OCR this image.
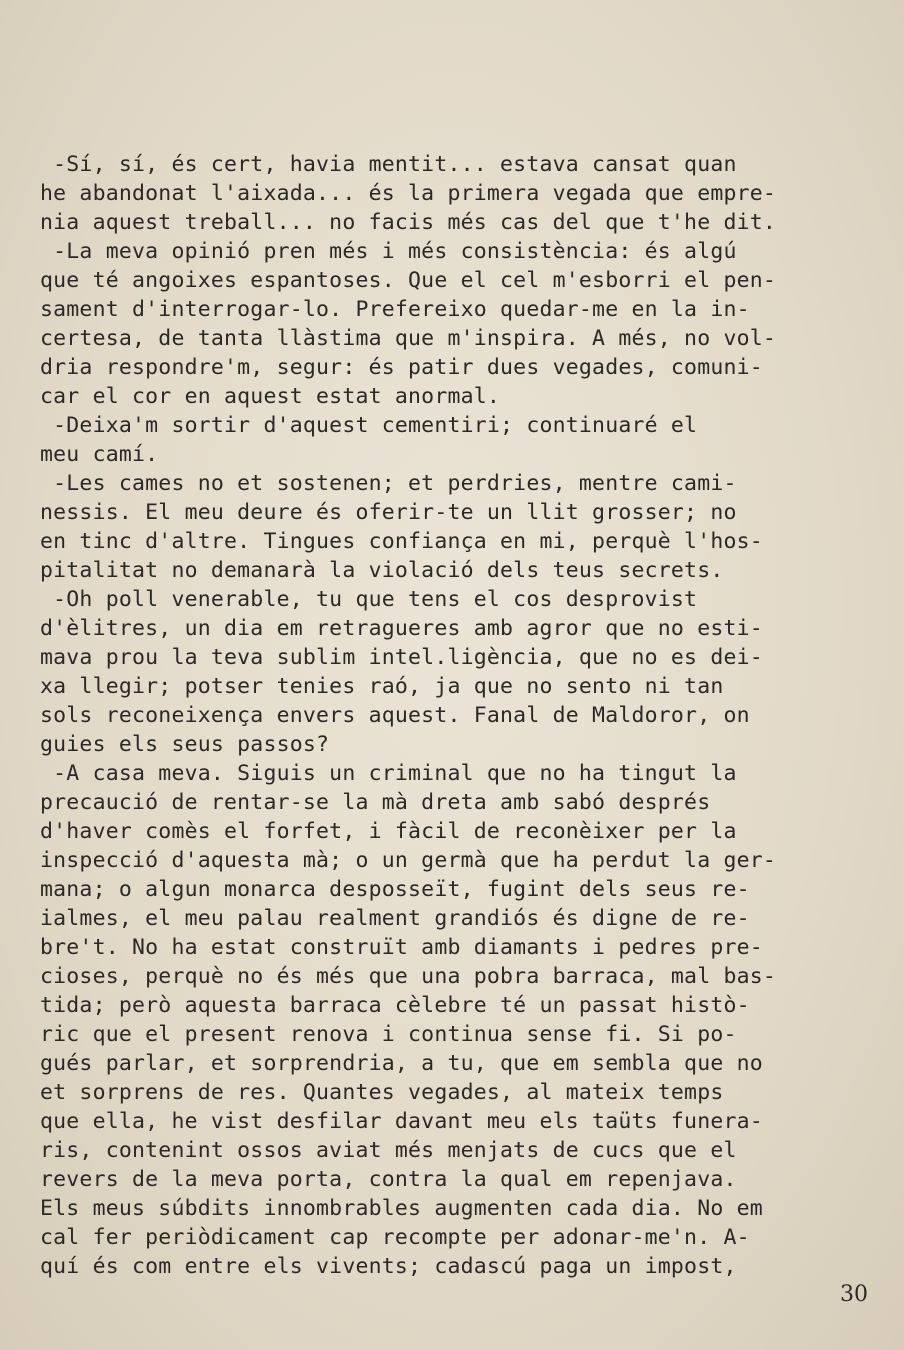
-Sí, sí, és cert, havia mentit... estava cansat quan
he abandonat l'aixada... és la primera vegada que empre-
nia aquest treball... no facis més cas del que t'he dit.
-La meva opinió pren més i més consistència: és algú
que té angoixes espantoses. Que el cel m'esborri el pen-
sament d'interrogar-lo. Prefereixo quedar-me en la in-
certesa, de tanta llàstima que m'inspira. A més, no vol-
dria respondre'm, segur: és patir dues vegades, comuni-
car el cor en aquest estat anormal.
-Deixa'm sortir d'aquest cementiri; continuaré el
meu camí.
-Les cames no et sostenen; et perdries, mentre cami-
nessis. El meu deure és oferir-te un llit grosser; no
en tinc d'altre. Tingues confiança en mi, perquè l'hos-
pitalitat no demanarà la violació dels teus secrets.
-Oh poll venerable, tu que tens el cos desprovist
d'èlitres, un dia em retragueres amb agror que no esti-
mava prou la teva sublim intel.ligència, que no es dei-
xa llegir; potser tenies raó, ja que no sento ni tan
sols reconeixença envers aquest. Fanal de Maldoror, on
guies els seus passos?
-A casa meva. Siguis un criminal que no ha tingut la
precaució de rentar-se la mà dreta amb sabó després
d'haver comès el forfet, i fàcil de reconèixer per la
inspecció d'aquesta mà; o un germà que ha perdut la ger-
mana; o algun monarca desposseït, fugint dels seus re-
ialmes, el meu palau realment grandiós és digne de re-
bre't. No ha estat construït amb diamants i pedres pre-
cioses, perquè no és més que una pobra barraca, mal bas-
tida; però aquesta barraca cèlebre té un passat histò-
ric que el present renova i continua sense fi. Si po-
gués parlar, et sorprendria, a tu, que em sembla que no
et sorprens de res. Quantes vegades, al mateix temps
que ella, he vist desfilar davant meu els taüts funera-
ris, contenint ossos aviat més menjats de cucs que el
revers de la meva porta, contra la qual em repenjava.
Els meus súbdits innombrables augmenten cada dia. No em
cal fer periòdicament cap recompte per adonar-me'n. A-
quí és com entre els vivents; cadascú paga un impost,
30
